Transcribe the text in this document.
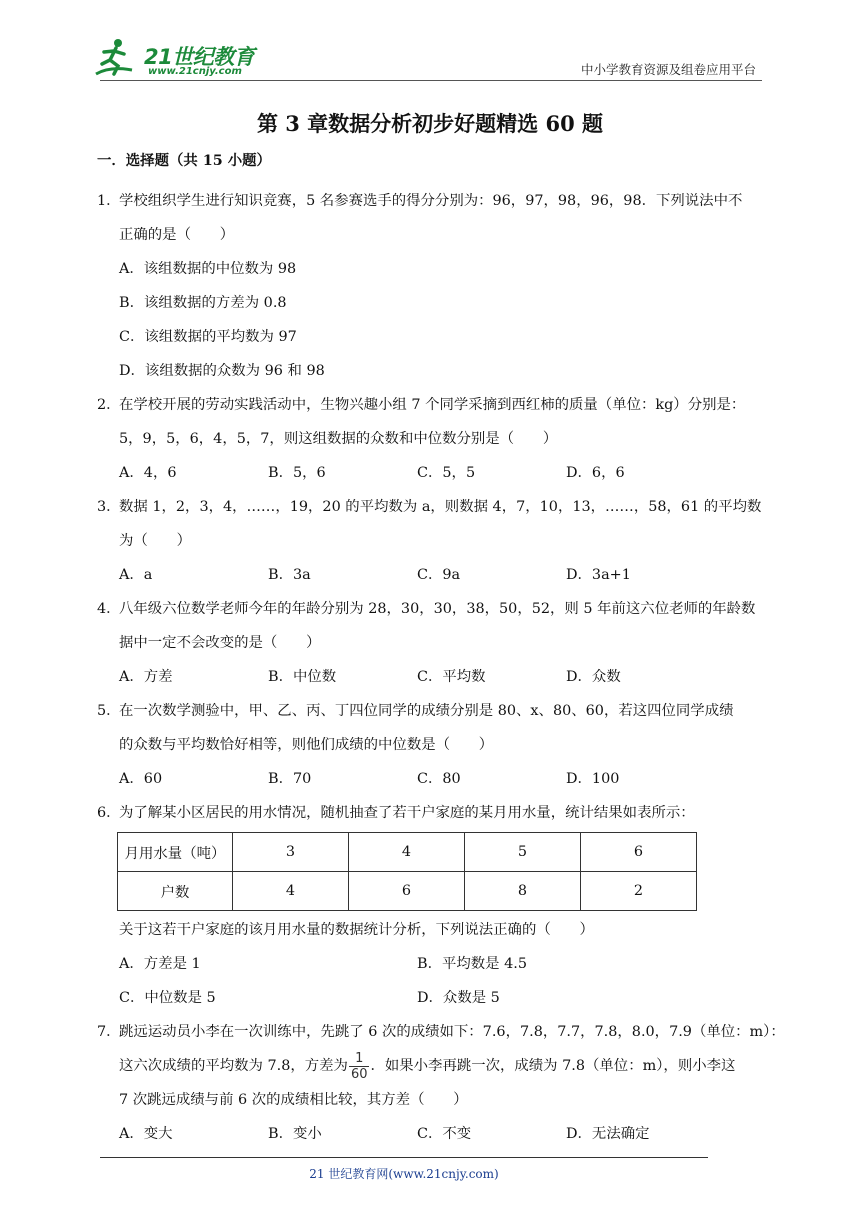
21世纪教育
www.21cnjy.com	中小学教育资源及组卷应用平台
第 3 章数据分析初步好题精选 60 题
一．选择题（共 15 小题）
1．学校组织学生进行知识竞赛，5 名参赛选手的得分分别为：96，97，98，96，98．下列说法中不
正确的是（　　）
A．该组数据的中位数为 98
B．该组数据的方差为 0.8
C．该组数据的平均数为 97
D．该组数据的众数为 96 和 98
2．在学校开展的劳动实践活动中，生物兴趣小组 7 个同学采摘到西红柿的质量（单位：kg）分别是：
5，9，5，6，4，5，7，则这组数据的众数和中位数分别是（　　）
A．4，6	B．5，6	C．5，5	D．6，6
3．数据 1，2，3，4，……，19，20 的平均数为 a，则数据 4，7，10，13，……，58，61 的平均数
为（　　）
A．a	B．3a	C．9a	D．3a+1
4．八年级六位数学老师今年的年龄分别为 28，30，30，38，50，52，则 5 年前这六位老师的年龄数
据中一定不会改变的是（　　）
A．方差	B．中位数	C．平均数	D．众数
5．在一次数学测验中，甲、乙、丙、丁四位同学的成绩分别是 80、x、80、60，若这四位同学成绩
的众数与平均数恰好相等，则他们成绩的中位数是（　　）
A．60	B．70	C．80	D．100
6．为了解某小区居民的用水情况，随机抽查了若干户家庭的某月用水量，统计结果如表所示：
月用水量（吨）	3	4	5	6
户数	4	6	8	2
关于这若干户家庭的该月用水量的数据统计分析，下列说法正确的（　　）
A．方差是 1	B．平均数是 4.5
C．中位数是 5	D．众数是 5
7．跳远运动员小李在一次训练中，先跳了 6 次的成绩如下：7.6，7.8，7.7，7.8，8.0，7.9（单位：m）：
这六次成绩的平均数为 7.8，方差为 $\frac{1}{60}$ ．如果小李再跳一次，成绩为 7.8（单位：m），则小李这
7 次跳远成绩与前 6 次的成绩相比较，其方差（　　）
A．变大	B．变小	C．不变	D．无法确定
21 世纪教育网(www.21cnjy.com)
